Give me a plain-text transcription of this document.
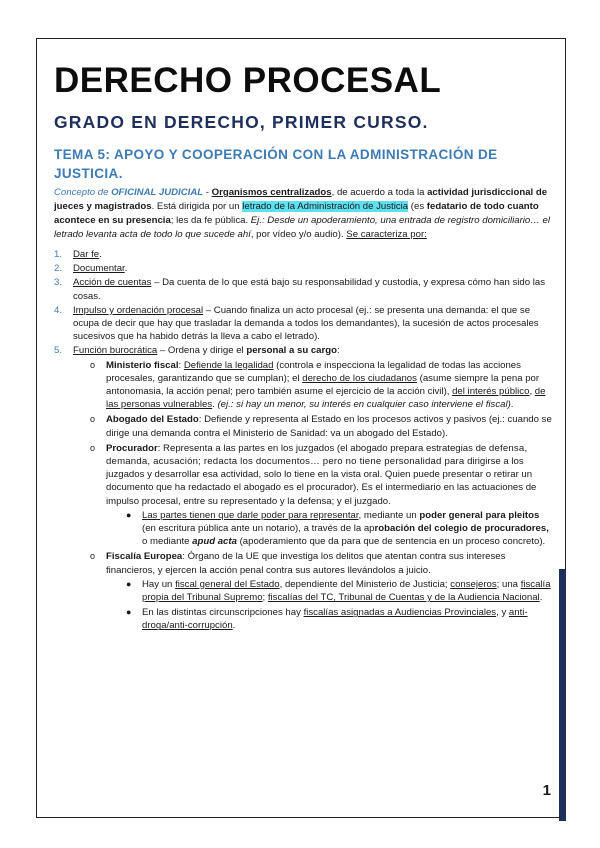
DERECHO PROCESAL
GRADO EN DERECHO, PRIMER CURSO.
TEMA 5: APOYO Y COOPERACIÓN CON LA ADMINISTRACIÓN DE JUSTICIA.

Concepto de OFICINAL JUDICIAL - Organismos centralizados, de acuerdo a toda la actividad jurisdiccional de jueces y magistrados. Está dirigida por un letrado de la Administración de Justicia (es fedatario de todo cuanto acontece en su presencia; les da fe pública. Ej.: Desde un apoderamiento, una entrada de registro domiciliario… el letrado levanta acta de todo lo que sucede ahí, por vídeo y/o audio). Se caracteriza por:

1. Dar fe.
2. Documentar.
3. Acción de cuentas – Da cuenta de lo que está bajo su responsabilidad y custodia, y expresa cómo han sido las cosas.
4. Impulso y ordenación procesal – Cuando finaliza un acto procesal (ej.: se presenta una demanda: el que se ocupa de decir que hay que trasladar la demanda a todos los demandantes), la sucesión de actos procesales sucesivos que ha habido detrás la lleva a cabo el letrado).
5. Función burocrática – Ordena y dirige el personal a su cargo:
o Ministerio fiscal: Defiende la legalidad (controla e inspecciona la legalidad de todas las acciones procesales, garantizando que se cumplan); el derecho de los ciudadanos (asume siempre la pena por antonomasia, la acción penal; pero también asume el ejercicio de la acción civil), del interés público, de las personas vulnerables. (ej.: si hay un menor, su interés en cualquier caso interviene el fiscal).
o Abogado del Estado: Defiende y representa al Estado en los procesos activos y pasivos (ej.: cuando se dirige una demanda contra el Ministerio de Sanidad: va un abogado del Estado).
o Procurador: Representa a las partes en los juzgados (el abogado prepara estrategias de defensa, demanda, acusación; redacta los documentos… pero no tiene personalidad para dirigirse a los juzgados y desarrollar esa actividad, solo lo tiene en la vista oral. Quien puede presentar o retirar un documento que ha redactado el abogado es el procurador). Es el intermediario en las actuaciones de impulso procesal, entre su representado y la defensa; y el juzgado.
● Las partes tienen que darle poder para representar, mediante un poder general para pleitos (en escritura pública ante un notario), a través de la aprobación del colegio de procuradores, o mediante apud acta (apoderamiento que da para que de sentencia en un proceso concreto).
o Fiscalía Europea: Órgano de la UE que investiga los delitos que atentan contra sus intereses financieros, y ejercen la acción penal contra sus autores llevándolos a juicio.
● Hay un fiscal general del Estado, dependiente del Ministerio de Justicia; consejeros; una fiscalía propia del Tribunal Supremo; fiscalías del TC, Tribunal de Cuentas y de la Audiencia Nacional.
● En las distintas circunscripciones hay fiscalías asignadas a Audiencias Provinciales, y anti-droga/anti-corrupción.
1
